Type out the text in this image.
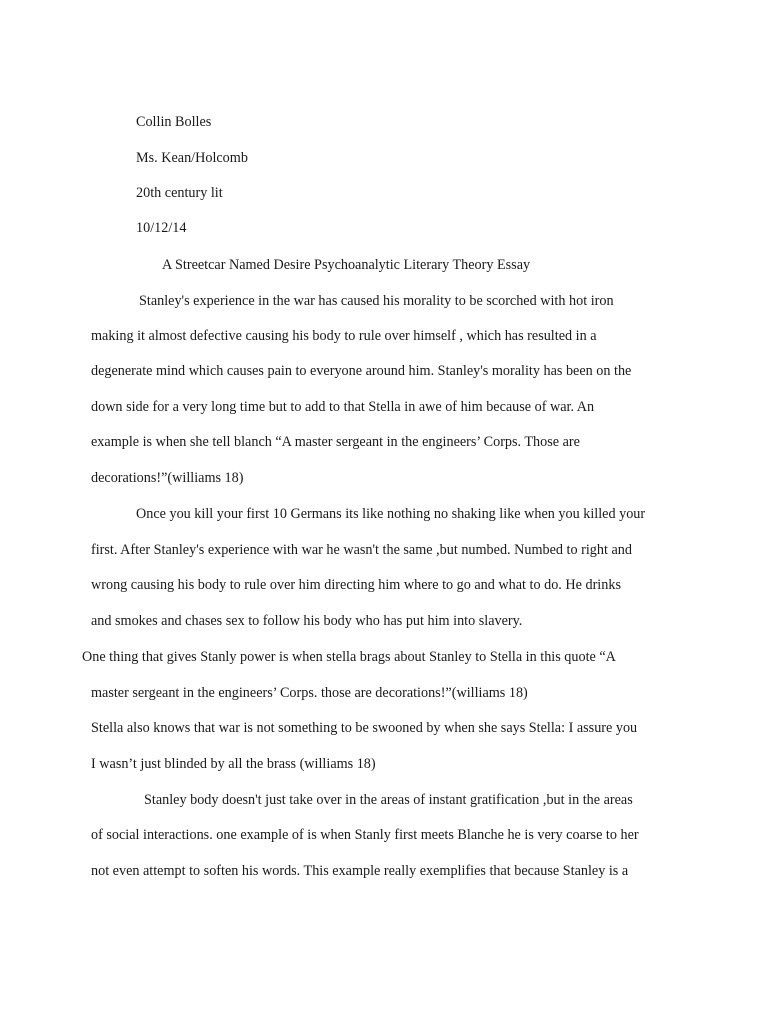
Collin Bolles
Ms. Kean/Holcomb
20th century lit
10/12/14
A Streetcar Named Desire Psychoanalytic Literary Theory Essay
Stanley's experience in the war has caused his morality to be scorched with hot iron
making it almost defective causing his body to rule over himself , which has resulted in a
degenerate mind which causes pain to everyone around him. Stanley's morality has been on the
down side for a very long time but to add to that Stella in awe of him because of war. An
example is when she tell blanch “A master sergeant in the engineers’ Corps. Those are
decorations!”(williams 18)
Once you kill your first 10 Germans its like nothing no shaking like when you killed your
first. After Stanley's experience with war he wasn't the same ,but numbed. Numbed to right and
wrong causing his body to rule over him directing him where to go and what to do. He drinks
and smokes and chases sex to follow his body who has put him into slavery.
One thing that gives Stanly power is when stella brags about Stanley to Stella in this quote “A
master sergeant in the engineers’ Corps. those are decorations!”(williams 18)
Stella also knows that war is not something to be swooned by when she says Stella: I assure you
I wasn’t just blinded by all the brass (williams 18)
Stanley body doesn't just take over in the areas of instant gratification ,but in the areas
of social interactions. one example of is when Stanly first meets Blanche he is very coarse to her
not even attempt to soften his words. This example really exemplifies that because Stanley is a
